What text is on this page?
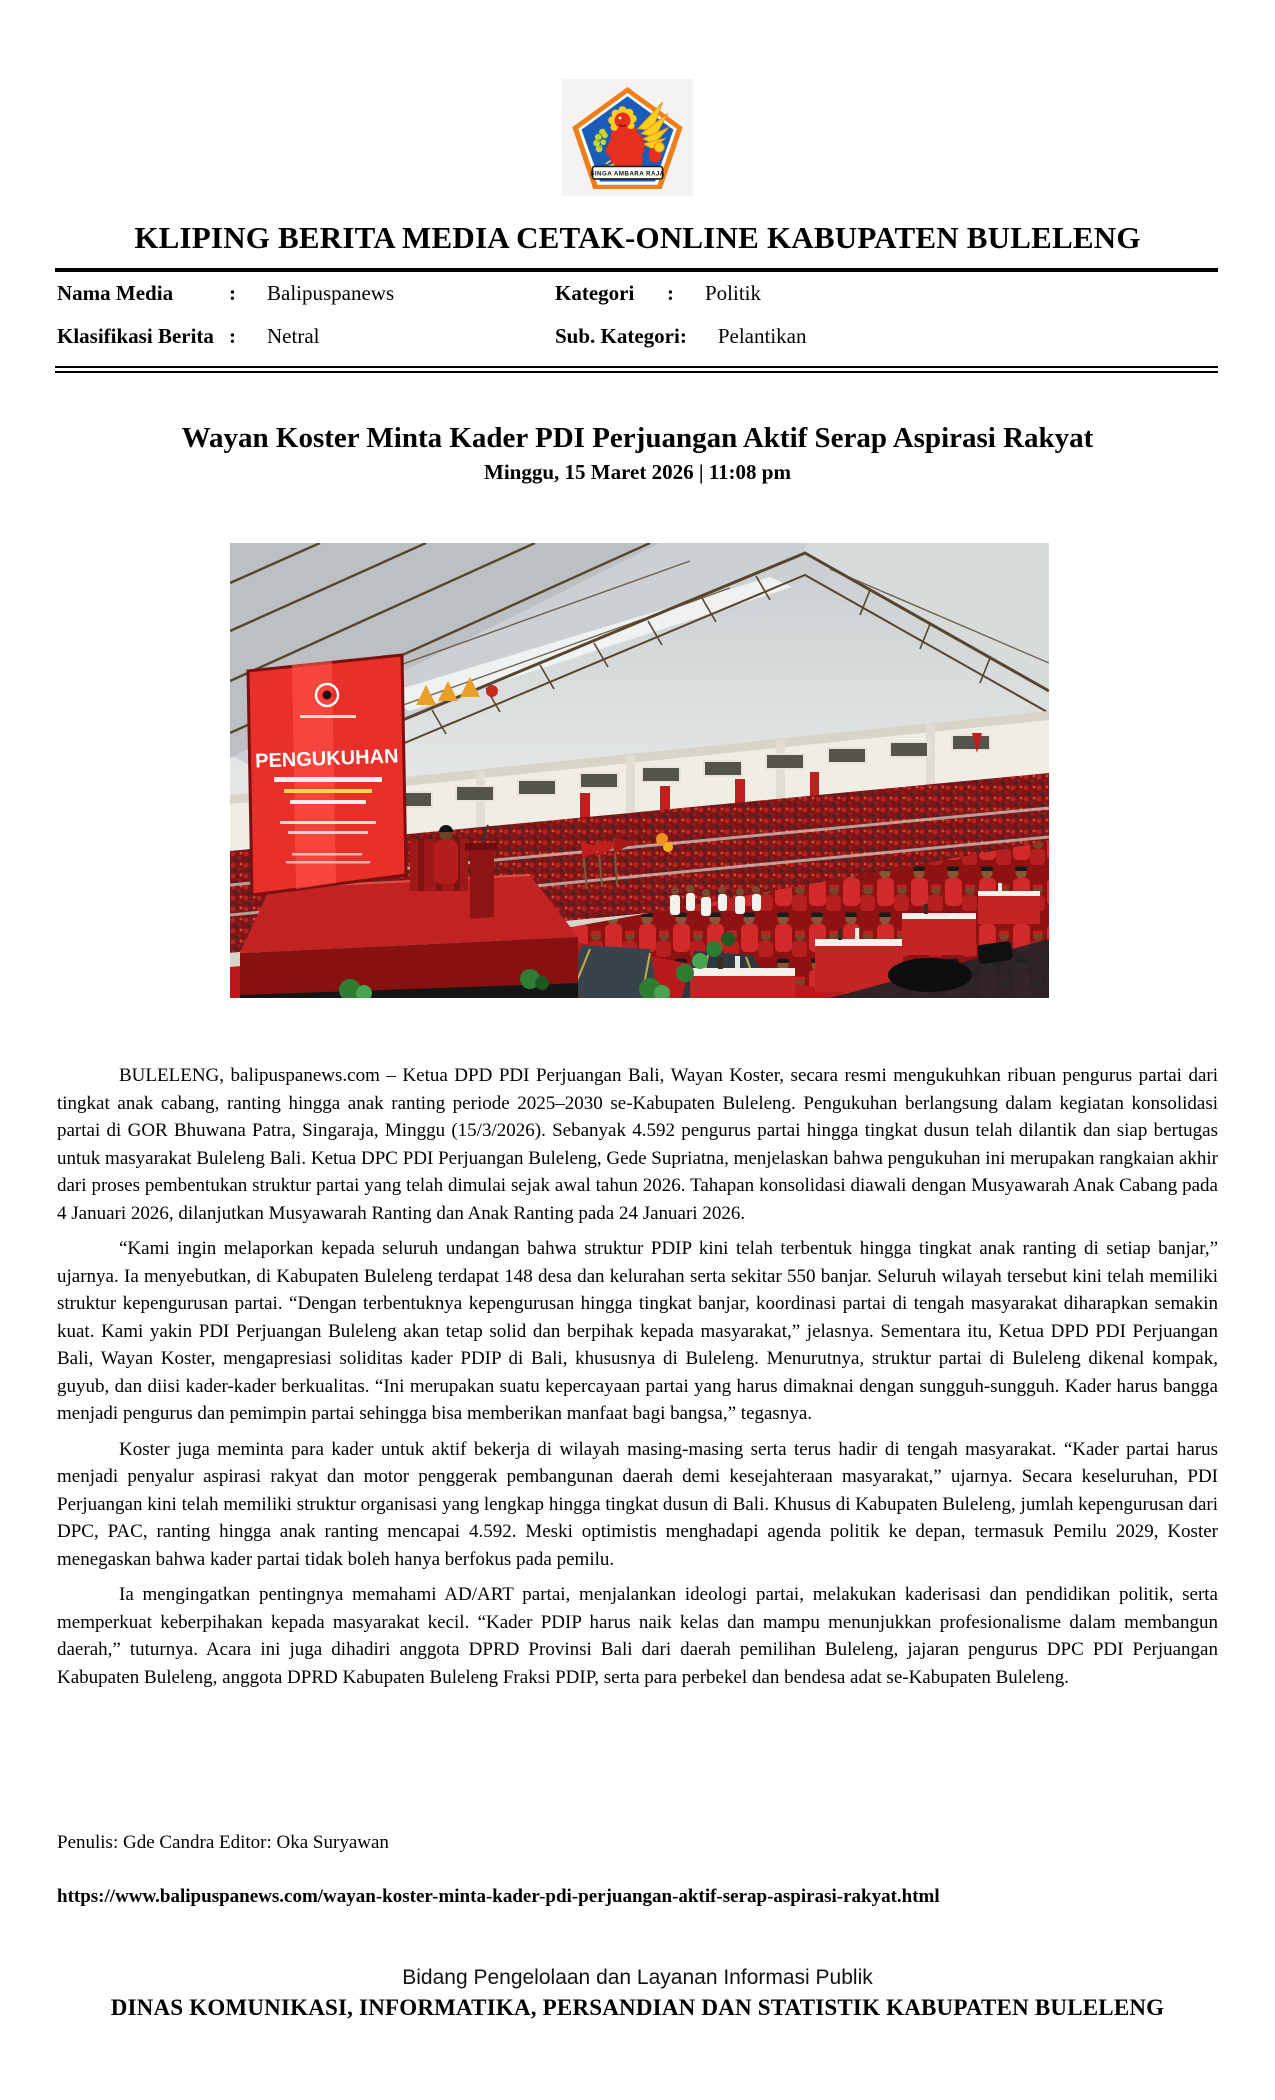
SINGA AMBARA RAJA
KLIPING BERITA MEDIA CETAK-ONLINE KABUPATEN BULELENG
Nama Media	:	Balipuspanews	Kategori	:	Politik
Klasifikasi Berita :	Netral	Sub. Kategori :	Pelantikan
Wayan Koster Minta Kader PDI Perjuangan Aktif Serap Aspirasi Rakyat
Minggu, 15 Maret 2026 | 11:08 pm
PENGUKUHAN

BULELENG, balipuspanews.com – Ketua DPD PDI Perjuangan Bali, Wayan Koster, secara resmi mengukuhkan ribuan pengurus partai dari tingkat anak cabang, ranting hingga anak ranting periode 2025–2030 se-Kabupaten Buleleng. Pengukuhan berlangsung dalam kegiatan konsolidasi partai di GOR Bhuwana Patra, Singaraja, Minggu (15/3/2026). Sebanyak 4.592 pengurus partai hingga tingkat dusun telah dilantik dan siap bertugas untuk masyarakat Buleleng Bali. Ketua DPC PDI Perjuangan Buleleng, Gede Supriatna, menjelaskan bahwa pengukuhan ini merupakan rangkaian akhir dari proses pembentukan struktur partai yang telah dimulai sejak awal tahun 2026. Tahapan konsolidasi diawali dengan Musyawarah Anak Cabang pada 4 Januari 2026, dilanjutkan Musyawarah Ranting dan Anak Ranting pada 24 Januari 2026.

“Kami ingin melaporkan kepada seluruh undangan bahwa struktur PDIP kini telah terbentuk hingga tingkat anak ranting di setiap banjar,” ujarnya. Ia menyebutkan, di Kabupaten Buleleng terdapat 148 desa dan kelurahan serta sekitar 550 banjar. Seluruh wilayah tersebut kini telah memiliki struktur kepengurusan partai. “Dengan terbentuknya kepengurusan hingga tingkat banjar, koordinasi partai di tengah masyarakat diharapkan semakin kuat. Kami yakin PDI Perjuangan Buleleng akan tetap solid dan berpihak kepada masyarakat,” jelasnya. Sementara itu, Ketua DPD PDI Perjuangan Bali, Wayan Koster, mengapresiasi soliditas kader PDIP di Bali, khususnya di Buleleng. Menurutnya, struktur partai di Buleleng dikenal kompak, guyub, dan diisi kader-kader berkualitas. “Ini merupakan suatu kepercayaan partai yang harus dimaknai dengan sungguh-sungguh. Kader harus bangga menjadi pengurus dan pemimpin partai sehingga bisa memberikan manfaat bagi bangsa,” tegasnya.

Koster juga meminta para kader untuk aktif bekerja di wilayah masing-masing serta terus hadir di tengah masyarakat. “Kader partai harus menjadi penyalur aspirasi rakyat dan motor penggerak pembangunan daerah demi kesejahteraan masyarakat,” ujarnya. Secara keseluruhan, PDI Perjuangan kini telah memiliki struktur organisasi yang lengkap hingga tingkat dusun di Bali. Khusus di Kabupaten Buleleng, jumlah kepengurusan dari DPC, PAC, ranting hingga anak ranting mencapai 4.592. Meski optimistis menghadapi agenda politik ke depan, termasuk Pemilu 2029, Koster menegaskan bahwa kader partai tidak boleh hanya berfokus pada pemilu.

Ia mengingatkan pentingnya memahami AD/ART partai, menjalankan ideologi partai, melakukan kaderisasi dan pendidikan politik, serta memperkuat keberpihakan kepada masyarakat kecil. “Kader PDIP harus naik kelas dan mampu menunjukkan profesionalisme dalam membangun daerah,” tuturnya. Acara ini juga dihadiri anggota DPRD Provinsi Bali dari daerah pemilihan Buleleng, jajaran pengurus DPC PDI Perjuangan Kabupaten Buleleng, anggota DPRD Kabupaten Buleleng Fraksi PDIP, serta para perbekel dan bendesa adat se-Kabupaten Buleleng.

Penulis: Gde Candra Editor: Oka Suryawan
https://www.balipuspanews.com/wayan-koster-minta-kader-pdi-perjuangan-aktif-serap-aspirasi-rakyat.html
Bidang Pengelolaan dan Layanan Informasi Publik
DINAS KOMUNIKASI, INFORMATIKA, PERSANDIAN DAN STATISTIK KABUPATEN BULELENG
